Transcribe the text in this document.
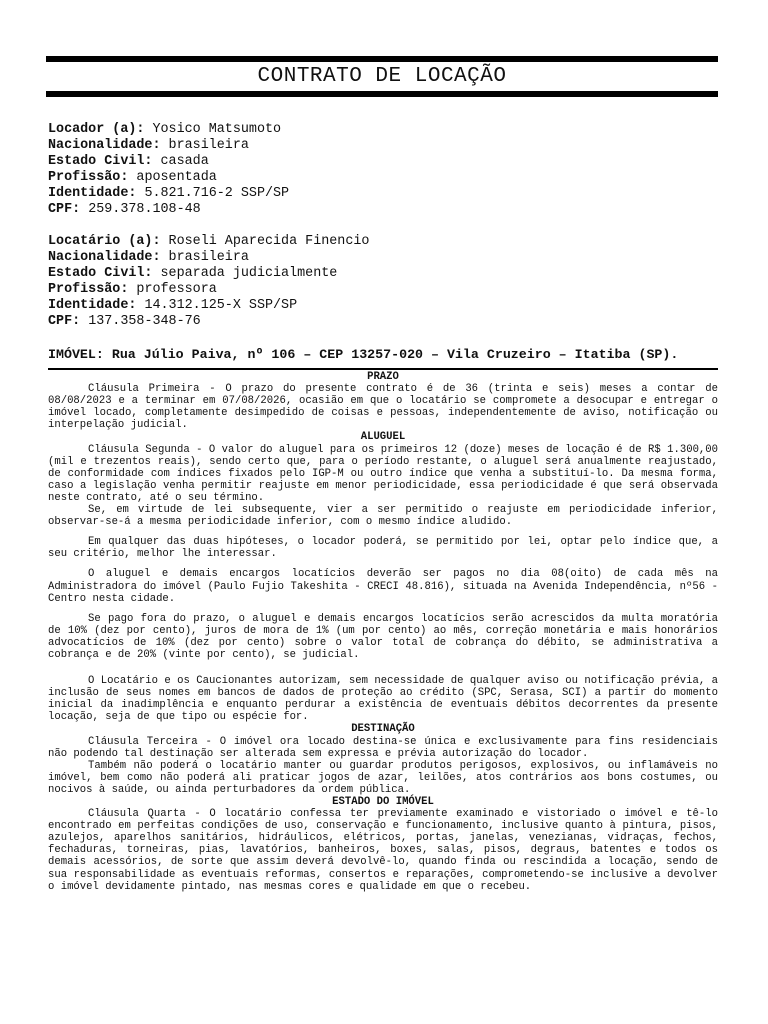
CONTRATO DE LOCAÇÃO
Locador (a): Yosico Matsumoto
Nacionalidade: brasileira
Estado Civil: casada
Profissão: aposentada
Identidade: 5.821.716-2 SSP/SP
CPF: 259.378.108-48
Locatário (a): Roseli Aparecida Finencio
Nacionalidade: brasileira
Estado Civil: separada judicialmente
Profissão: professora
Identidade: 14.312.125-X SSP/SP
CPF: 137.358-348-76
IMÓVEL: Rua Júlio Paiva, nº 106 – CEP 13257-020 – Vila Cruzeiro – Itatiba (SP).
PRAZO

Cláusula Primeira - O prazo do presente contrato é de 36 (trinta e seis) meses a contar de 08/08/2023 e a terminar em 07/08/2026, ocasião em que o locatário se compromete a desocupar e entregar o imóvel locado, completamente desimpedido de coisas e pessoas, independentemente de aviso, notificação ou interpelação judicial.

ALUGUEL

Cláusula Segunda - O valor do aluguel para os primeiros 12 (doze) meses de locação é de R$ 1.300,00 (mil e trezentos reais), sendo certo que, para o período restante, o aluguel será anualmente reajustado, de conformidade com índices fixados pelo IGP-M ou outro índice que venha a substituí-lo. Da mesma forma, caso a legislação venha permitir reajuste em menor periodicidade, essa periodicidade é que será observada neste contrato, até o seu término.

Se, em virtude de lei subsequente, vier a ser permitido o reajuste em periodicidade inferior, observar-se-á a mesma periodicidade inferior, com o mesmo índice aludido.

Em qualquer das duas hipóteses, o locador poderá, se permitido por lei, optar pelo índice que, a seu critério, melhor lhe interessar.

O aluguel e demais encargos locatícios deverão ser pagos no dia 08(oito) de cada mês na Administradora do imóvel (Paulo Fujio Takeshita - CRECI 48.816), situada na Avenida Independência, nº56 - Centro nesta cidade.

Se pago fora do prazo, o aluguel e demais encargos locatícios serão acrescidos da multa moratória de 10% (dez por cento), juros de mora de 1% (um por cento) ao mês, correção monetária e mais honorários advocatícios de 10% (dez por cento) sobre o valor total de cobrança do débito, se administrativa a cobrança e de 20% (vinte por cento), se judicial.

O Locatário e os Caucionantes autorizam, sem necessidade de qualquer aviso ou notificação prévia, a inclusão de seus nomes em bancos de dados de proteção ao crédito (SPC, Serasa, SCI) a partir do momento inicial da inadimplência e enquanto perdurar a existência de eventuais débitos decorrentes da presente locação, seja de que tipo ou espécie for.

DESTINAÇÃO

Cláusula Terceira - O imóvel ora locado destina-se única e exclusivamente para fins residenciais não podendo tal destinação ser alterada sem expressa e prévia autorização do locador.

Também não poderá o locatário manter ou guardar produtos perigosos, explosivos, ou inflamáveis no imóvel, bem como não poderá ali praticar jogos de azar, leilões, atos contrários aos bons costumes, ou nocivos à saúde, ou ainda perturbadores da ordem pública.

ESTADO DO IMÓVEL

Cláusula Quarta - O locatário confessa ter previamente examinado e vistoriado o imóvel e tê-lo encontrado em perfeitas condições de uso, conservação e funcionamento, inclusive quanto à pintura, pisos, azulejos, aparelhos sanitários, hidráulicos, elétricos, portas, janelas, venezianas, vidraças, fechos, fechaduras, torneiras, pias, lavatórios, banheiros, boxes, salas, pisos, degraus, batentes e todos os demais acessórios, de sorte que assim deverá devolvê-lo, quando finda ou rescindida a locação, sendo de sua responsabilidade as eventuais reformas, consertos e reparações, comprometendo-se inclusive a devolver o imóvel devidamente pintado, nas mesmas cores e qualidade em que o recebeu.
